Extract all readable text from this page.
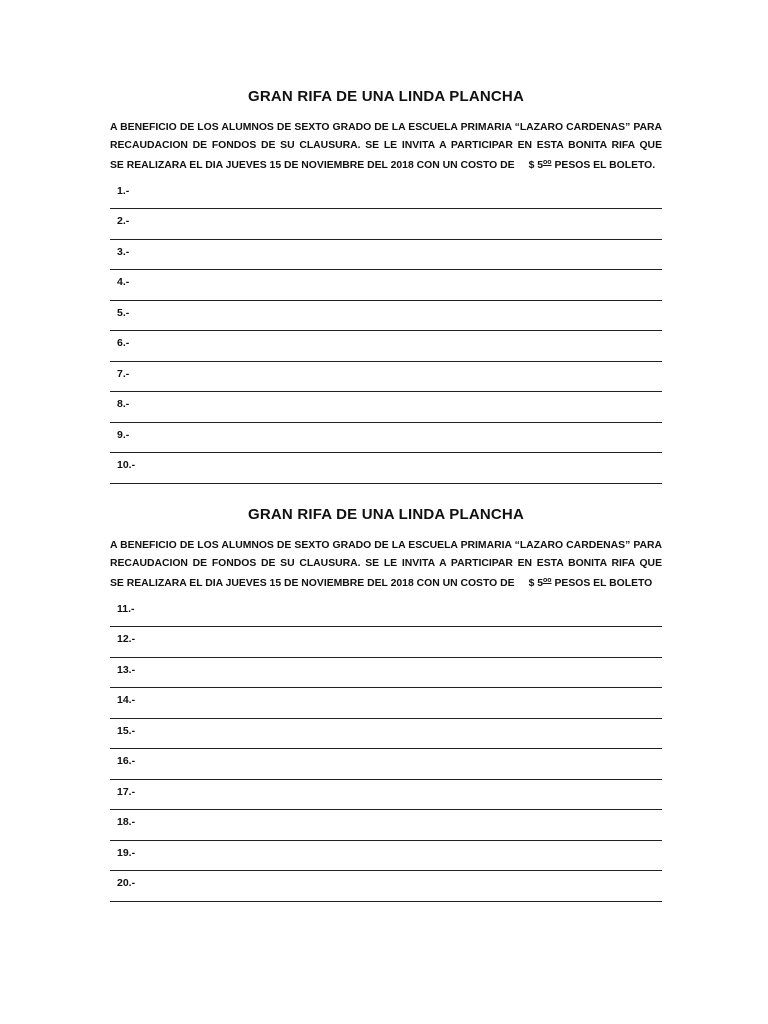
GRAN RIFA DE UNA LINDA PLANCHA
A BENEFICIO DE LOS ALUMNOS DE SEXTO GRADO DE LA ESCUELA PRIMARIA “LAZARO CARDENAS” PARA
RECAUDACION DE FONDOS DE SU CLAUSURA. SE LE INVITA A PARTICIPAR EN ESTA BONITA RIFA QUE
SE REALIZARA EL DIA JUEVES 15 DE NOVIEMBRE DEL 2018 CON UN COSTO DE $ $5^{oo}$ PESOS EL BOLETO.
1.-
2.-
3.-
4.-
5.-
6.-
7.-
8.-
9.-
10.-
GRAN RIFA DE UNA LINDA PLANCHA
A BENEFICIO DE LOS ALUMNOS DE SEXTO GRADO DE LA ESCUELA PRIMARIA “LAZARO CARDENAS” PARA
RECAUDACION DE FONDOS DE SU CLAUSURA. SE LE INVITA A PARTICIPAR EN ESTA BONITA RIFA QUE
SE REALIZARA EL DIA JUEVES 15 DE NOVIEMBRE DEL 2018 CON UN COSTO DE $ $5^{oo}$ PESOS EL BOLETO
11.-
12.-
13.-
14.-
15.-
16.-
17.-
18.-
19.-
20.-
